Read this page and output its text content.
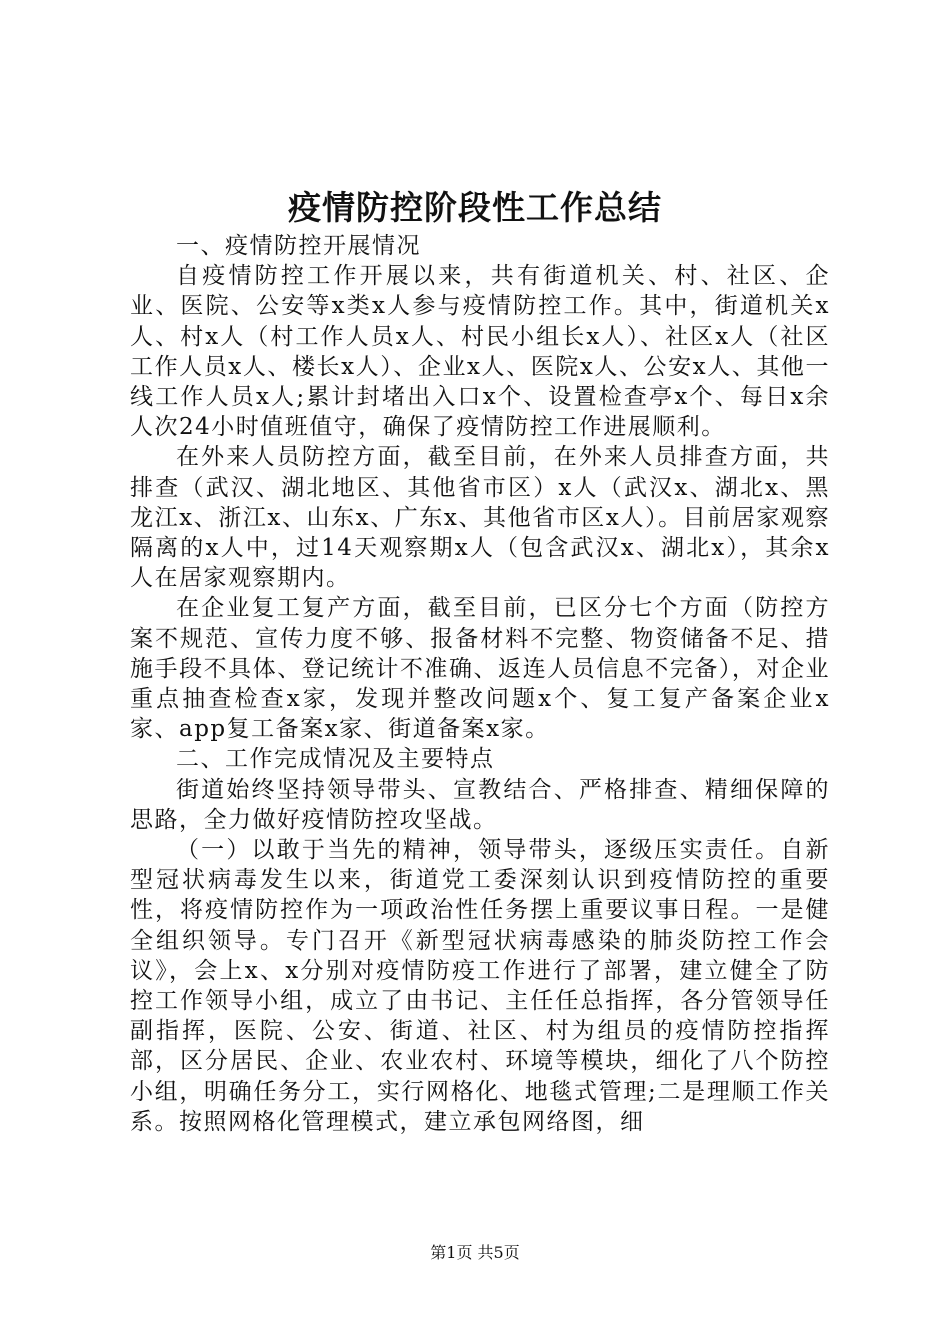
疫情防控阶段性工作总结

一、疫情防控开展情况

自疫情防控工作开展以来，共有街道机关、村、社区、企业、医院、公安等x类x人参与疫情防控工作。其中，街道机关x人、村x人（村工作人员x人、村民小组长x人）、社区x人（社区工作人员x人、楼长x人）、企业x人、医院x人、公安x人、其他一线工作人员x人;累计封堵出入口x个、设置检查亭x个、每日x余人次24小时值班值守，确保了疫情防控工作进展顺利。

在外来人员防控方面，截至目前，在外来人员排查方面，共排查（武汉、湖北地区、其他省市区）x人（武汉x、湖北x、黑龙江x、浙江x、山东x、广东x、其他省市区x人）。目前居家观察隔离的x人中，过14天观察期x人（包含武汉x、湖北x），其余x人在居家观察期内。

在企业复工复产方面，截至目前，已区分七个方面（防控方案不规范、宣传力度不够、报备材料不完整、物资储备不足、措施手段不具体、登记统计不准确、返连人员信息不完备），对企业重点抽查检查x家，发现并整改问题x个、复工复产备案企业x家、app复工备案x家、街道备案x家。

二、工作完成情况及主要特点

街道始终坚持领导带头、宣教结合、严格排查、精细保障的思路，全力做好疫情防控攻坚战。

（一）以敢于当先的精神，领导带头，逐级压实责任。自新型冠状病毒发生以来，街道党工委深刻认识到疫情防控的重要性，将疫情防控作为一项政治性任务摆上重要议事日程。一是健全组织领导。专门召开《新型冠状病毒感染的肺炎防控工作会议》，会上x、x分别对疫情防疫工作进行了部署，建立健全了防控工作领导小组，成立了由书记、主任任总指挥，各分管领导任副指挥，医院、公安、街道、社区、村为组员的疫情防控指挥部，区分居民、企业、农业农村、环境等模块，细化了八个防控小组，明确任务分工，实行网格化、地毯式管理;二是理顺工作关系。按照网格化管理模式，建立承包网络图，细

第1页 共5页
